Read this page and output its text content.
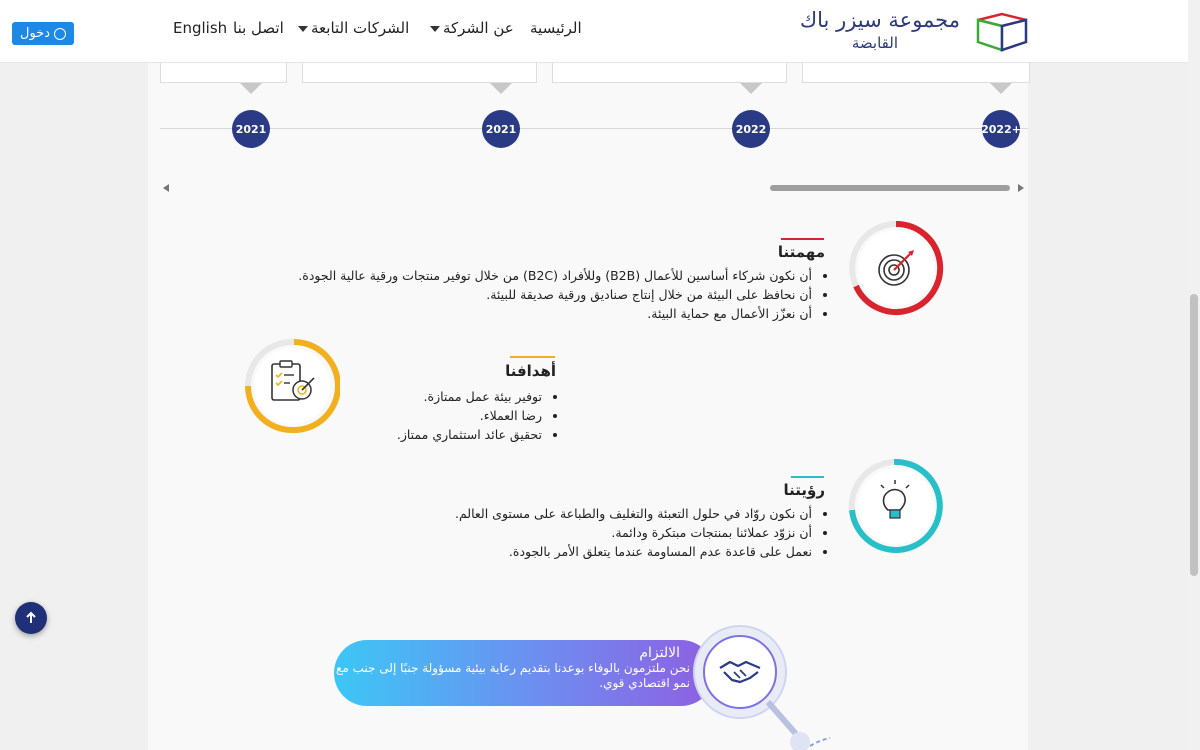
مجموعة سيزر باك
القابضة
الرئيسية
عن الشركة
الشركات التابعة
اتصل بنا
English
دخول
2021	2021	2022	2022+
مهمتنا
• أن نكون شركاء أساسين للأعمال (B2B) وللأفراد (B2C) من خلال توفير منتجات ورقية عالية الجودة.
• أن نحافظ على البيئة من خلال إنتاج صناديق ورقية صديقة للبيئة.
• أن نعزّز الأعمال مع حماية البيئة.
أهدافنا
• توفير بيئة عمل ممتازة.
• رضا العملاء.
• تحقيق عائد استثماري ممتاز.
رؤيتنا
• أن نكون روّاد في حلول التعبئة والتغليف والطباعة على مستوى العالم.
• أن نزوّد عملائنا بمنتجات مبتكرة ودائمة.
• نعمل على قاعدة عدم المساومة عندما يتعلق الأمر بالجودة.
الالتزام
نحن ملتزمون بالوفاء بوعدنا بتقديم رعاية بيئية مسؤولة جنبًا إلى جنب مع نمو اقتصادي قوي.
